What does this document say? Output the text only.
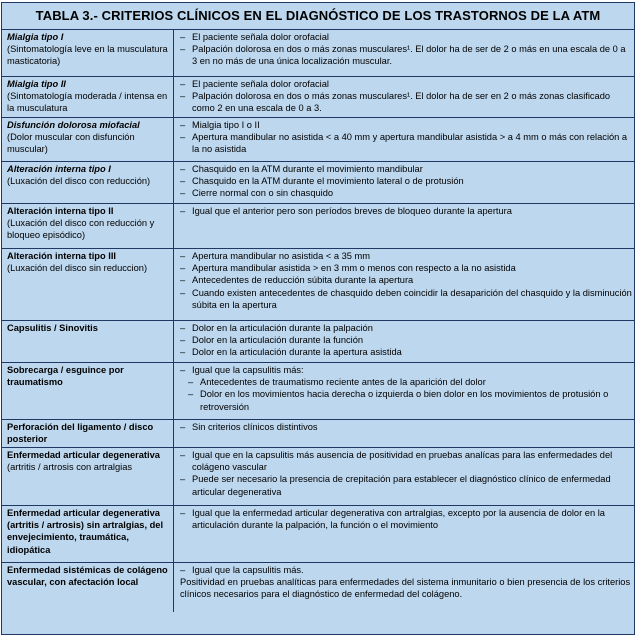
TABLA 3.- CRITERIOS CLÍNICOS EN EL DIAGNÓSTICO DE LOS TRASTORNOS DE LA ATM
Mialgia tipo I
(Sintomatología leve en la musculatura masticatoria)
– El paciente señala dolor orofacial
– Palpación dolorosa en dos o más zonas musculares¹. El dolor ha de ser de 2 o más en una escala de 0 a 3 en no más de una única localización muscular.
Mialgia tipo II
(Sintomatología moderada / intensa en la musculatura
– El paciente señala dolor orofacial
– Palpación dolorosa en dos o más zonas musculares¹. El dolor ha de ser en 2 o más zonas clasificado como 2 en una escala de 0 a 3.
Disfunción dolorosa miofacial
(Dolor muscular con disfunción muscular)
– Mialgia tipo I o II
– Apertura mandibular no asistida < a 40 mm y apertura mandibular asistida > a 4 mm o más con relación a la no asistida
Alteración interna tipo I
(Luxación del disco con reducción)
– Chasquido en la ATM durante el movimiento mandibular
– Chasquido en la ATM durante el movimiento lateral o de protusión
– Cierre normal con o sin chasquido
Alteración interna tipo II
(Luxación del disco con reducción y bloqueo episódico)
– Igual que el anterior pero son períodos breves de bloqueo durante la apertura
Alteración interna tipo III
(Luxación del disco sin reduccion)
– Apertura mandibular no asistida < a 35 mm
– Apertura mandibular asistida > en 3 mm o menos con respecto a la no asistida
– Antecedentes de reducción súbita durante la apertura
– Cuando existen antecedentes de chasquido deben coincidir la desaparición del chasquido y la disminución súbita en la apertura
Capsulitis / Sinovitis	– Dolor en la articulación durante la palpación
– Dolor en la articulación durante la función
– Dolor en la articulación durante la apertura asistida
Sobrecarga / esguince por traumatismo
– Igual que la capsulitis más:
– Antecedentes de traumatismo reciente antes de la aparición del dolor
– Dolor en los movimientos hacia derecha o izquierda o bien dolor en los movimientos de protusión o retroversión
Perforación del ligamento / disco posterior
– Sin criterios clínicos distintivos
Enfermedad articular degenerativa (artritis / artrosis con artralgias
– Igual que en la capsulitis más ausencia de positividad en pruebas analícas para las enfermedades del colágeno vascular
– Puede ser necesario la presencia de crepitación para establecer el diagnóstico clínico de enfermedad articular degenerativa
Enfermedad articular degenerativa (artritis / artrosis) sin artralgias, del envejecimiento, traumática, idiopática
– Igual que la enfermedad articular degenerativa con artralgias, excepto por la ausencia de dolor en la articulación durante la palpación, la función o el movimiento
Enfermedad sistémicas de colágeno vascular, con afectación local
– Igual que la capsulitis más.
Positividad en pruebas analíticas para enfermedades del sistema inmunitario o bien presencia de los criterios clínicos necesarios para el diagnóstico de enfermedad del colágeno.
